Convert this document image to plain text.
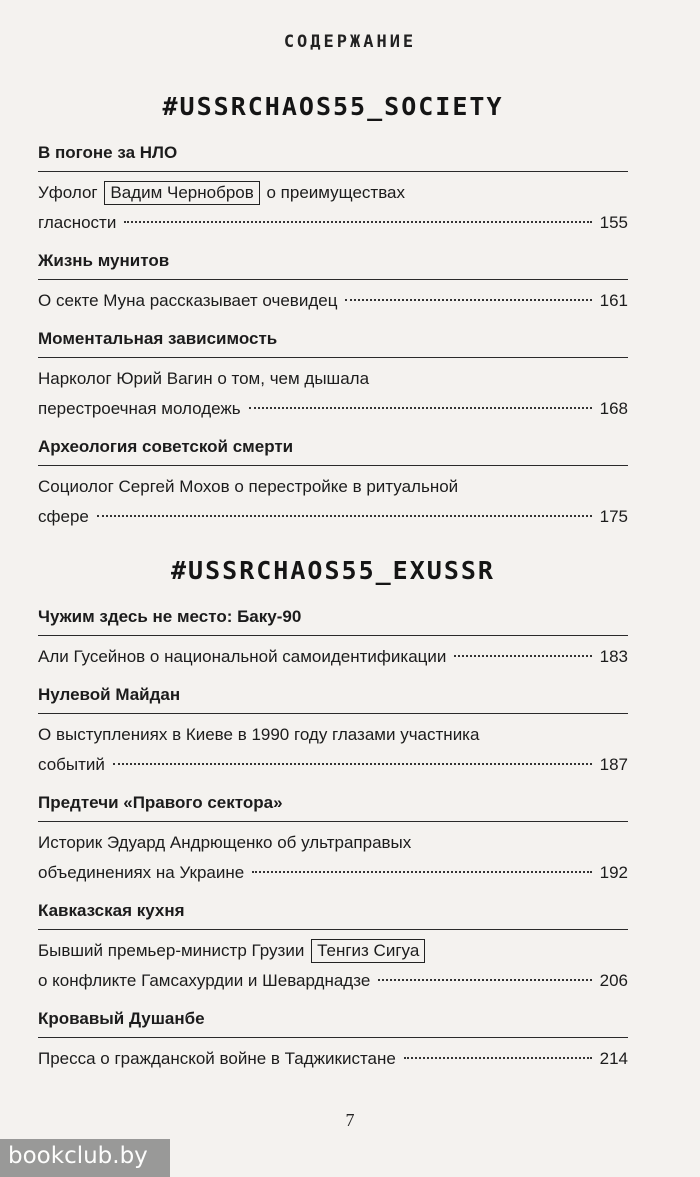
СОДЕРЖАНИЕ
#USSRCHAOS55_SOCIETY
В погоне за НЛО
Уфолог Вадим Чернобров о преимуществах
гласности	155
Жизнь мунитов
О секте Муна рассказывает очевидец	161
Моментальная зависимость
Нарколог Юрий Вагин о том, чем дышала
перестроечная молодежь	168
Археология советской смерти
Социолог Сергей Мохов о перестройке в ритуальной
сфере	175
#USSRCHAOS55_EXUSSR
Чужим здесь не место: Баку-90
Али Гусейнов о национальной самоидентификации	183
Нулевой Майдан
О выступлениях в Киеве в 1990 году глазами участника
событий	187
Предтечи «Правого сектора»
Историк Эдуард Андрющенко об ультраправых
объединениях на Украине	192
Кавказская кухня
Бывший премьер-министр Грузии Тенгиз Сигуа
о конфликте Гамсахурдии и Шеварднадзе	206
Кровавый Душанбе
Пресса о гражданской войне в Таджикистане	214
7
bookclub.by
